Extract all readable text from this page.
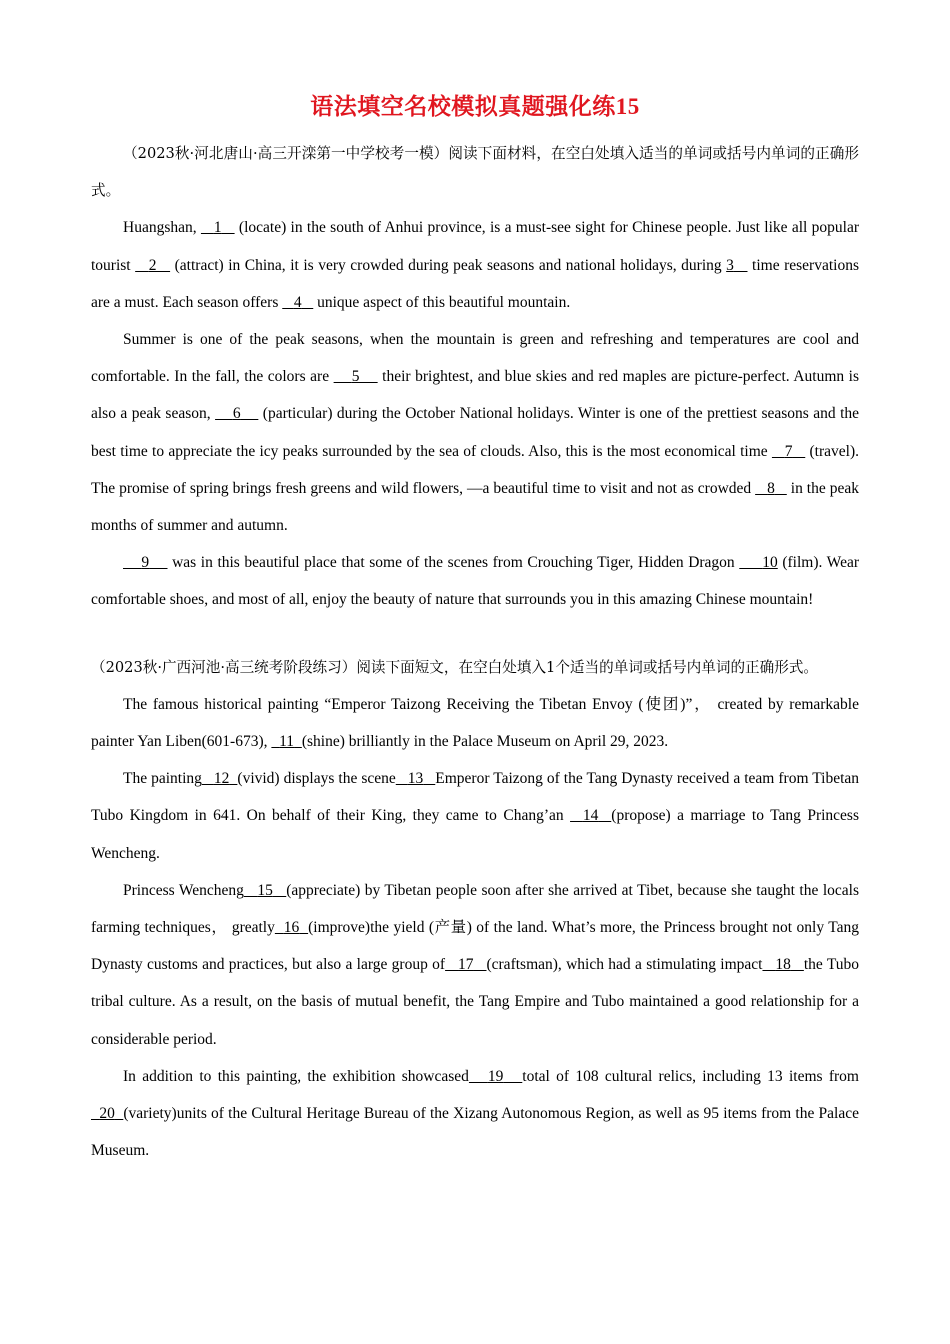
语法填空名校模拟真题强化练15

（2023秋·河北唐山·高三开滦第一中学校考一模）阅读下面材料，在空白处填入适当的单词或括号内单词的正确形式。

Huangshan,    1    (locate) in the south of Anhui province, is a must-see sight for Chinese people. Just like all popular tourist    2    (attract) in China, it is very crowded during peak seasons and national holidays, during 3    time reservations are a must. Each season offers    4    unique aspect of this beautiful mountain.

Summer is one of the peak seasons, when the mountain is green and refreshing and temperatures are cool and comfortable. In the fall, the colors are     5     their brightest, and blue skies and red maples are picture-perfect. Autumn is also a peak season,     6     (particular) during the October National holidays. Winter is one of the prettiest seasons and the best time to appreciate the icy peaks surrounded by the sea of clouds. Also, this is the most economical time    7    (travel). The promise of spring brings fresh greens and wild flowers, —a beautiful time to visit and not as crowded    8    in the peak months of summer and autumn.

9     was in this beautiful place that some of the scenes from Crouching Tiger, Hidden Dragon      10 (film). Wear comfortable shoes, and most of all, enjoy the beauty of nature that surrounds you in this amazing Chinese mountain!

（2023秋·广西河池·高三统考阶段练习）阅读下面短文，在空白处填入1个适当的单词或括号内单词的正确形式。

The famous historical painting “Emperor Taizong Receiving the Tibetan Envoy (使团)”， created by remarkable painter Yan Liben(601-673),   11 (shine) brilliantly in the Palace Museum on April 29, 2023.

The painting 12 (vivid) displays the scene 13 Emperor Taizong of the Tang Dynasty received a team from Tibetan Tubo Kingdom in 641. On behalf of their King, they came to Chang’an   14 (propose) a marriage to Tang Princess Wencheng.

Princess Wencheng 15 (appreciate) by Tibetan people soon after she arrived at Tibet, because she taught the locals farming techniques， greatly 16 (improve)the yield (产量) of the land. What’s more, the Princess brought not only Tang Dynasty customs and practices, but also a large group of 17 (craftsman), which had a stimulating impact 18 the Tubo tribal culture. As a result, on the basis of mutual benefit, the Tang Empire and Tubo maintained a good relationship for a considerable period.

In addition to this painting, the exhibition showcased 19 total of 108 cultural relics, including 13 items from  20 (variety)units of the Cultural Heritage Bureau of the Xizang Autonomous Region, as well as 95 items from the Palace Museum.
